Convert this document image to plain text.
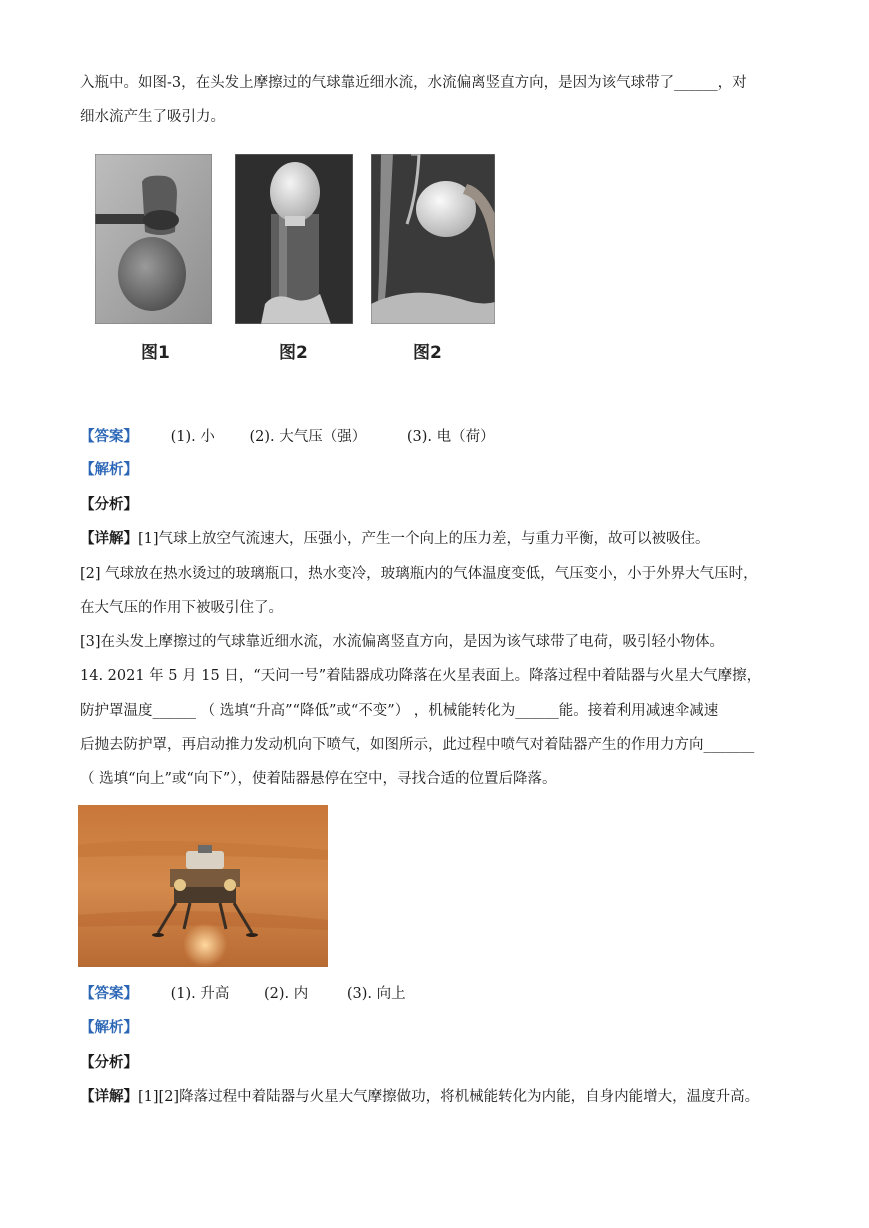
入瓶中。如图-3，在头发上摩擦过的气球靠近细水流，水流偏离竖直方向，是因为该气球带了______，对
细水流产生了吸引力。
图1	图2	图2
【答案】 (1). 小 (2). 大气压（强）	(3). 电（荷）
【解析】
【分析】
【详解】[1]气球上放空气流速大，压强小，产生一个向上的压力差，与重力平衡，故可以被吸住。
[2] 气球放在热水烫过的玻璃瓶口，热水变冷，玻璃瓶内的气体温度变低，气压变小，小于外界大气压时，
在大气压的作用下被吸引住了。
[3]在头发上摩擦过的气球靠近细水流，水流偏离竖直方向，是因为该气球带了电荷，吸引轻小物体。
14. 2021 年 5 月 15 日，“天问一号”着陆器成功降落在火星表面上。降落过程中着陆器与火星大气摩擦，
防护罩温度______ （ 选填“升高”“降低”或“不变”） ，机械能转化为______能。接着利用减速伞减速
后抛去防护罩，再启动推力发动机向下喷气，如图所示，此过程中喷气对着陆器产生的作用力方向_______
（ 选填“向上”或“向下”），使着陆器悬停在空中，寻找合适的位置后降落。
【答案】 (1). 升高 (2). 内	(3). 向上
【解析】
【分析】
【详解】[1][2]降落过程中着陆器与火星大气摩擦做功，将机械能转化为内能，自身内能增大，温度升高。
